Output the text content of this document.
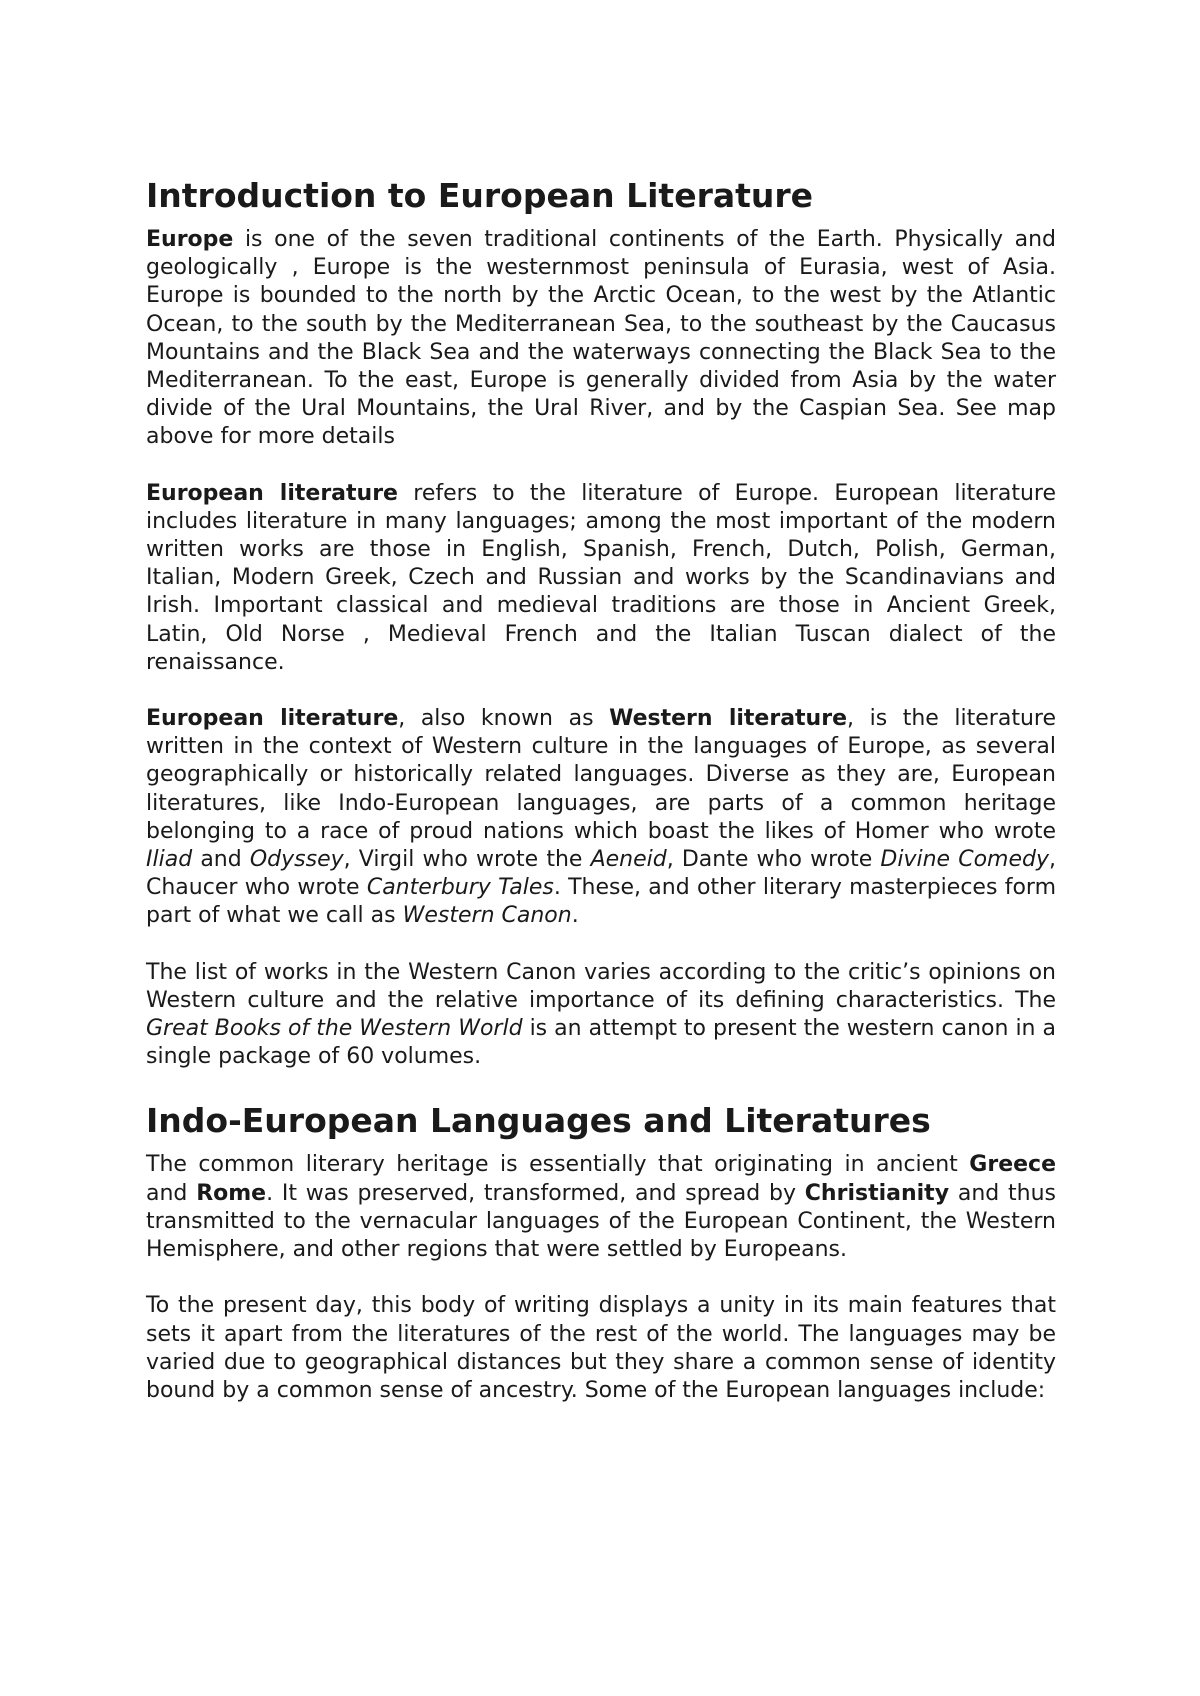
Introduction to European Literature

Europe is one of the seven traditional continents of the Earth. Physically and geologically , Europe is the westernmost peninsula of Eurasia, west of Asia. Europe is bounded to the north by the Arctic Ocean, to the west by the Atlantic Ocean, to the south by the Mediterranean Sea, to the southeast by the Caucasus Mountains and the Black Sea and the waterways connecting the Black Sea to the Mediterranean. To the east, Europe is generally divided from Asia by the water divide of the Ural Mountains, the Ural River, and by the Caspian Sea. See map above for more details

European literature refers to the literature of Europe. European literature includes literature in many languages; among the most important of the modern written works are those in English, Spanish, French, Dutch, Polish, German, Italian, Modern Greek, Czech and Russian and works by the Scandinavians and Irish. Important classical and medieval traditions are those in Ancient Greek, Latin, Old Norse , Medieval French and the Italian Tuscan dialect of the renaissance.

European literature, also known as Western literature, is the literature written in the context of Western culture in the languages of Europe, as several geographically or historically related languages. Diverse as they are, European literatures, like Indo-European languages, are parts of a common heritage belonging to a race of proud nations which boast the likes of Homer who wrote Iliad and Odyssey, Virgil who wrote the Aeneid, Dante who wrote Divine Comedy, Chaucer who wrote Canterbury Tales. These, and other literary masterpieces form part of what we call as Western Canon.

The list of works in the Western Canon varies according to the critic’s opinions on Western culture and the relative importance of its defining characteristics. The Great Books of the Western World is an attempt to present the western canon in a single package of 60 volumes.

Indo-European Languages and Literatures

The common literary heritage is essentially that originating in ancient Greece and Rome. It was preserved, transformed, and spread by Christianity and thus transmitted to the vernacular languages of the European Continent, the Western Hemisphere, and other regions that were settled by Europeans.

To the present day, this body of writing displays a unity in its main features that sets it apart from the literatures of the rest of the world. The languages may be varied due to geographical distances but they share a common sense of identity bound by a common sense of ancestry. Some of the European languages include:
